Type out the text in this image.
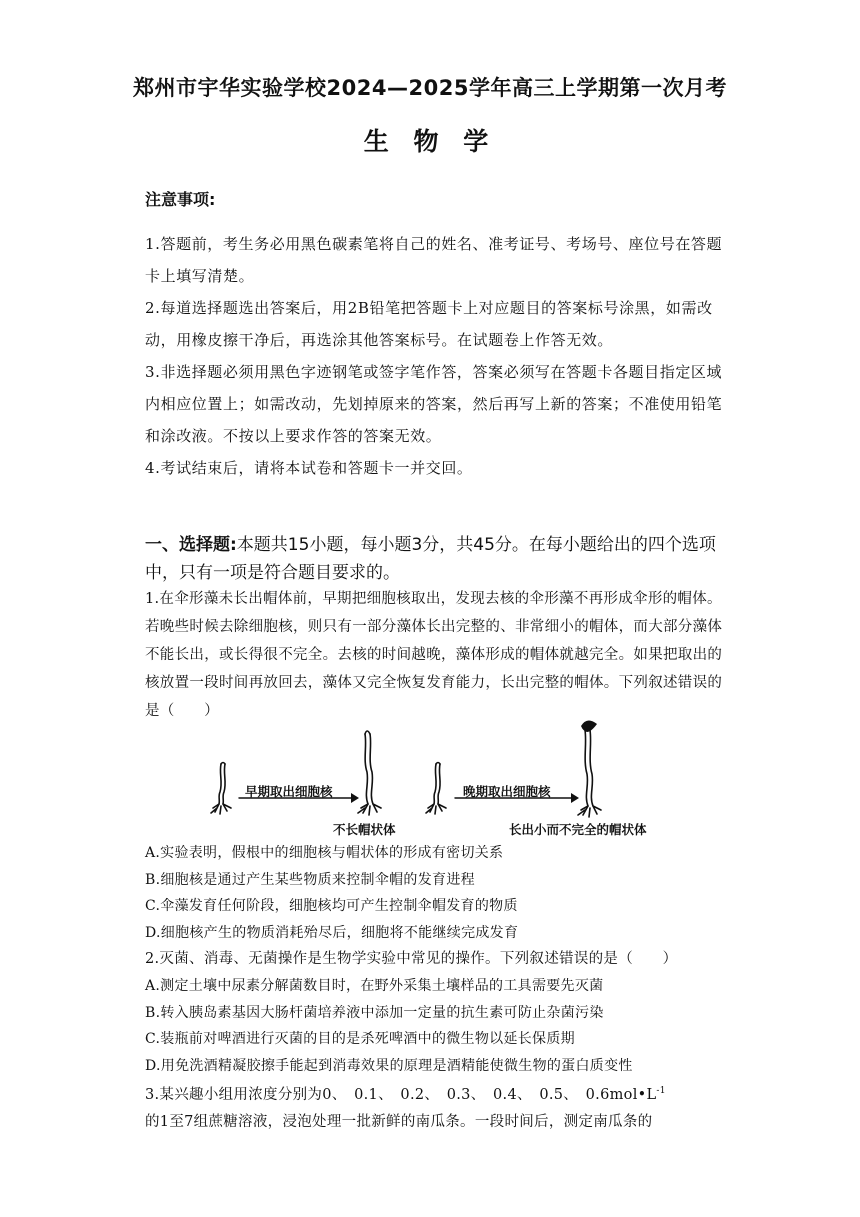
郑州市宇华实验学校2024—2025学年高三上学期第一次月考
生 物 学
注意事项:

1.答题前，考生务必用黑色碳素笔将自己的姓名、准考证号、考场号、座位号在答题卡上填写清楚。

2.每道选择题选出答案后，用2B铅笔把答题卡上对应题目的答案标号涂黑，如需改动，用橡皮擦干净后，再选涂其他答案标号。在试题卷上作答无效。

3.非选择题必须用黑色字迹钢笔或签字笔作答，答案必须写在答题卡各题目指定区域内相应位置上；如需改动，先划掉原来的答案，然后再写上新的答案；不准使用铅笔和涂改液。不按以上要求作答的答案无效。

4.考试结束后，请将本试卷和答题卡一并交回。

一、选择题:本题共15小题，每小题3分，共45分。在每小题给出的四个选项中，只有一项是符合题目要求的。

1.在伞形藻未长出帽体前，早期把细胞核取出，发现去核的伞形藻不再形成伞形的帽体。若晚些时候去除细胞核，则只有一部分藻体长出完整的、非常细小的帽体，而大部分藻体不能长出，或长得很不完全。去核的时间越晚，藻体形成的帽体就越完全。如果把取出的核放置一段时间再放回去，藻体又完全恢复发育能力，长出完整的帽体。下列叙述错误的是（　　）

早期取出细胞核
不长帽状体
晚期取出细胞核
长出小而不完全的帽状体

A.实验表明，假根中的细胞核与帽状体的形成有密切关系

B.细胞核是通过产生某些物质来控制伞帽的发育进程

C.伞藻发育任何阶段，细胞核均可产生控制伞帽发育的物质

D.细胞核产生的物质消耗殆尽后，细胞将不能继续完成发育

2.灭菌、消毒、无菌操作是生物学实验中常见的操作。下列叙述错误的是（　　）

A.测定土壤中尿素分解菌数目时，在野外采集土壤样品的工具需要先灭菌

B.转入胰岛素基因大肠杆菌培养液中添加一定量的抗生素可防止杂菌污染

C.装瓶前对啤酒进行灭菌的目的是杀死啤酒中的微生物以延长保质期

D.用免洗酒精凝胶擦手能起到消毒效果的原理是酒精能使微生物的蛋白质变性

3.某兴趣小组用浓度分别为0、　0.1、　0.2、　0.3、　0.4、　0.5、　$0.6mol•L^{-1}$

的1至7组蔗糖溶液，浸泡处理一批新鲜的南瓜条。一段时间后，测定南瓜条的
